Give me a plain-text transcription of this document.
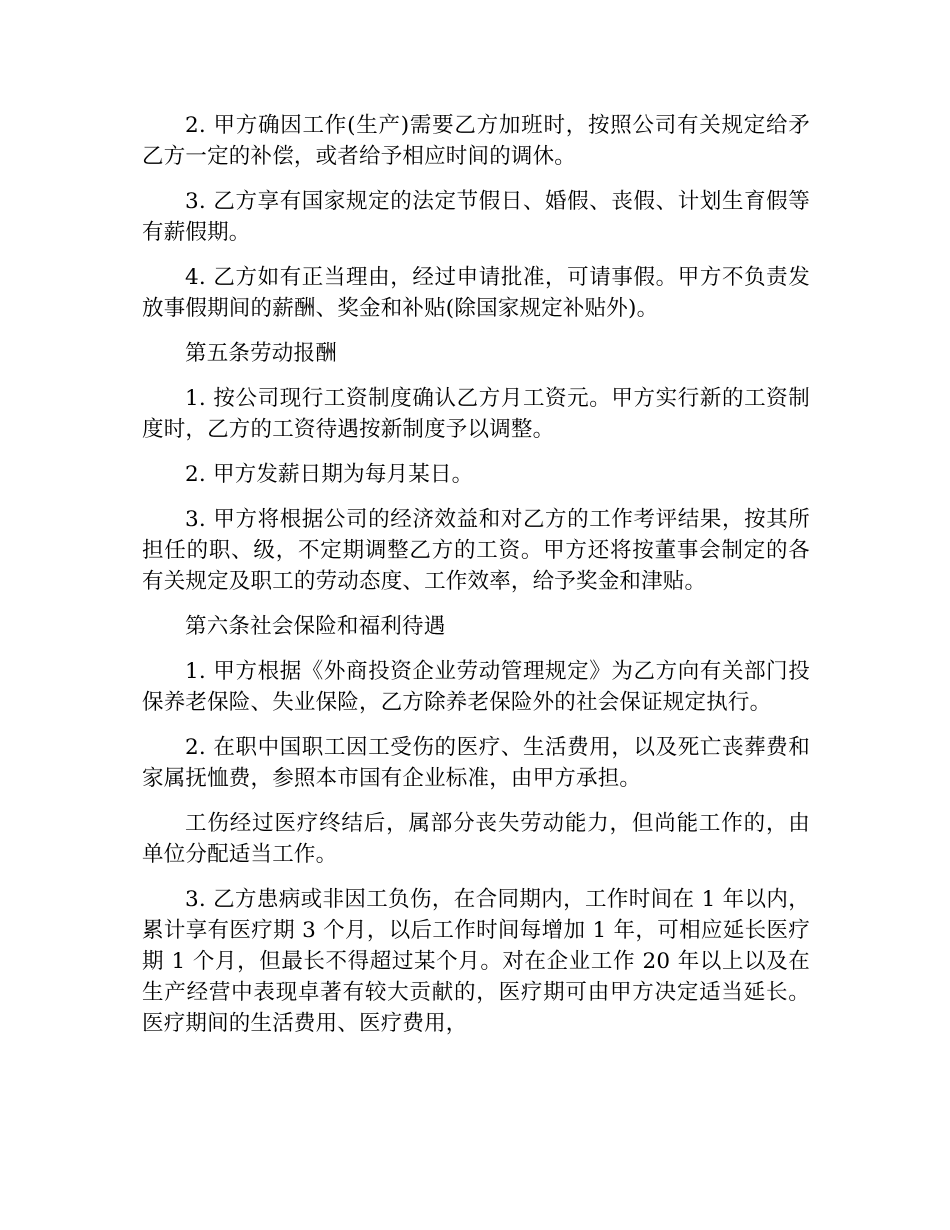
2. 甲方确因工作(生产)需要乙方加班时，按照公司有关规定给矛乙方一定的补偿，或者给予相应时间的调休。

3. 乙方享有国家规定的法定节假日、婚假、丧假、计划生育假等有薪假期。

4. 乙方如有正当理由，经过申请批准，可请事假。甲方不负责发放事假期间的薪酬、奖金和补贴(除国家规定补贴外)。

第五条劳动报酬

1. 按公司现行工资制度确认乙方月工资元。甲方实行新的工资制度时，乙方的工资待遇按新制度予以调整。

2. 甲方发薪日期为每月某日。

3. 甲方将根据公司的经济效益和对乙方的工作考评结果，按其所担任的职、级，不定期调整乙方的工资。甲方还将按董事会制定的各有关规定及职工的劳动态度、工作效率，给予奖金和津贴。

第六条社会保险和福利待遇

1. 甲方根据《外商投资企业劳动管理规定》为乙方向有关部门投保养老保险、失业保险，乙方除养老保险外的社会保证规定执行。

2. 在职中国职工因工受伤的医疗、生活费用，以及死亡丧葬费和家属抚恤费，参照本市国有企业标准，由甲方承担。

工伤经过医疗终结后，属部分丧失劳动能力，但尚能工作的，由单位分配适当工作。

3. 乙方患病或非因工负伤，在合同期内，工作时间在 1 年以内，累计享有医疗期 3 个月，以后工作时间每增加 1 年，可相应延长医疗期 1 个月，但最长不得超过某个月。对在企业工作 20 年以上以及在生产经营中表现卓著有较大贡献的，医疗期可由甲方决定适当延长。医疗期间的生活费用、医疗费用，
